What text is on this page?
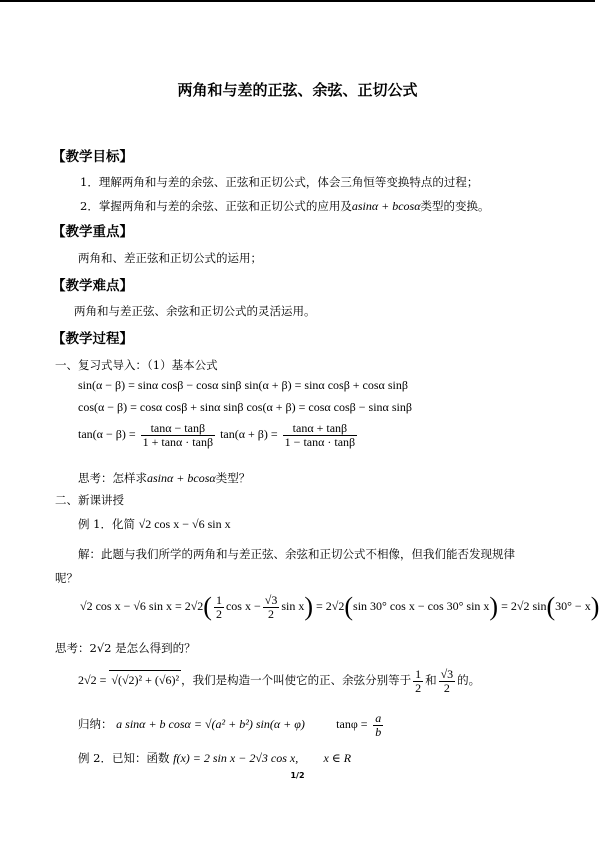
两角和与差的正弦、余弦、正切公式
【教学目标】
1．理解两角和与差的余弦、正弦和正切公式，体会三角恒等变换特点的过程；
2．掌握两角和与差的余弦、正弦和正切公式的应用及asinα + bcosα类型的变换。
【教学重点】
两角和、差正弦和正切公式的运用；
【教学难点】
两角和与差正弦、余弦和正切公式的灵活运用。
【教学过程】
一、复习式导入：（1）基本公式
sin(α − β) = sinα cosβ − cosα sinβ sin(α + β) = sinα cosβ + cosα sinβ
cos(α − β) = cosα cosβ + sinα sinβ cos(α + β) = cosα cosβ − sinα sinβ
$\tan(\alpha - \beta) = \frac{\tan\alpha - \tan\beta}{1 + \tan\alpha \cdot \tan\beta} \tan(\alpha + \beta) = \frac{\tan\alpha + \tan\beta}{1 - \tan\alpha \cdot \tan\beta}$
思考：怎样求asinα + bcosα类型？
二、新课讲授
例 1．化简 √2 cos x − √6 sin x
解：此题与我们所学的两角和与差正弦、余弦和正切公式不相像，但我们能否发现规律
呢？
√2 cos x − √6 $\sin x = 2√2( \frac{1}{2}$ $\cos x - \frac{√3}{2}$ sin x) = 2√2(sin 30° cos x − cos 30° sin x) = 2√2 sin(30° − x)
思考：2√2 是怎么得到的？
2√2 = √(√2)² + (√6)² ，我们是构造一个叫使它的正、余弦分别等于 $\frac{1}{2}$ 和 $\frac{√3}{2}$ 的。
归纳： a sinα + b cosα = √(a² + b²) sin(α + φ)	$\tan\varphi = \frac{a}{b}$
例 2．已知：函数 f(x) = 2 sin x − 2√3 cos x, x ∈ R
1/2
